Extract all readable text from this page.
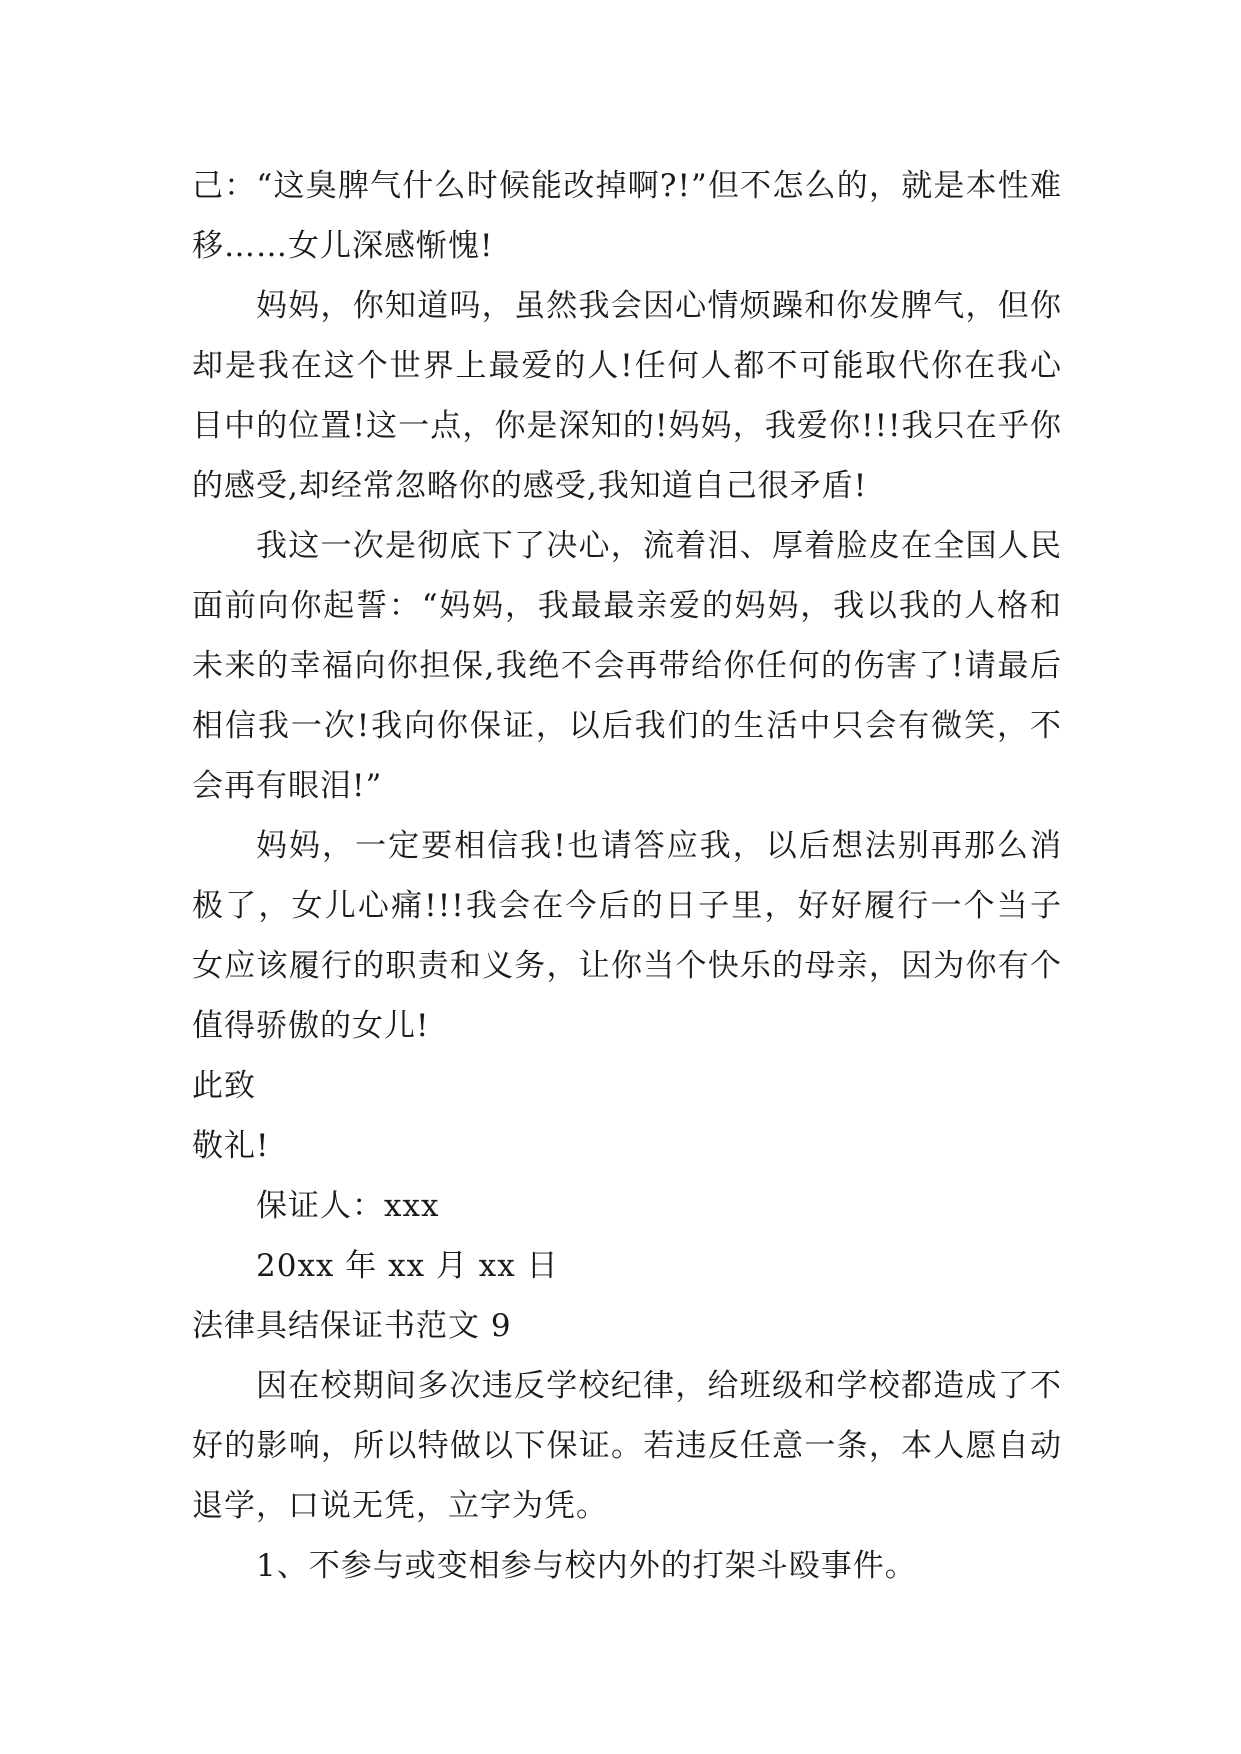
己：“这臭脾气什么时候能改掉啊?!”但不怎么的，就是本性难移……女儿深感惭愧!

妈妈，你知道吗，虽然我会因心情烦躁和你发脾气，但你却是我在这个世界上最爱的人!任何人都不可能取代你在我心目中的位置!这一点，你是深知的!妈妈，我爱你!!!我只在乎你的感受,却经常忽略你的感受,我知道自己很矛盾!

我这一次是彻底下了决心，流着泪、厚着脸皮在全国人民面前向你起誓：“妈妈，我最最亲爱的妈妈，我以我的人格和未来的幸福向你担保,我绝不会再带给你任何的伤害了!请最后相信我一次!我向你保证，以后我们的生活中只会有微笑，不会再有眼泪!”

妈妈，一定要相信我!也请答应我，以后想法别再那么消极了，女儿心痛!!!我会在今后的日子里，好好履行一个当子女应该履行的职责和义务，让你当个快乐的母亲，因为你有个值得骄傲的女儿!

此致

敬礼!

保证人：xxx

20xx 年 xx 月 xx 日

法律具结保证书范文 9

因在校期间多次违反学校纪律，给班级和学校都造成了不好的影响，所以特做以下保证。若违反任意一条，本人愿自动退学，口说无凭，立字为凭。

1、不参与或变相参与校内外的打架斗殴事件。
